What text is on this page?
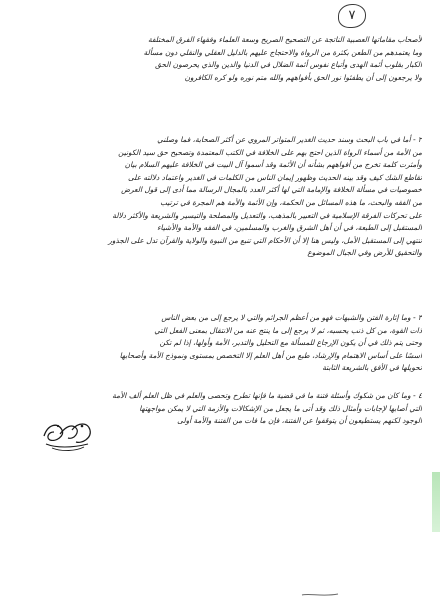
٧
لأصحاب مقاماتها العصبية الناتجة عن التصحيح الصريح وسعة العلماء وفقهاء الفرق المختلفة
وما يعتمدهم من الطعن بكثرة من الرواة والاحتجاج عليهم بالدليل العقلي والنقلي دون مسألة
الكبار بقلوب أئمة الهدى وأتباع نفوس أئمة الضلال في الدنيا والدين والذي يحرصون الحق
ولا يرجعون إلى أن يطفئوا نور الحق بأفواههم والله متم نوره ولو كره الكافرون
٢ - أما في باب البحث وسند حديث الغدير المتواتر المروي عن أكثر الصحابة، فما وصلني
من الأمة من أسماء الرواة الذين احتج بهم على الخلافة في الكتب المعتمدة وتصحيح حق سيد الكونين
وأمثرت كلمة تخرج من أفواههم بشأنه أن الأئمة وقد أسموا آل البيت في الخلافة عليهم السلام بيان
تقاطع الشك كيف وقد بينه الحديث وظهور إيمان الناس من الكلمات في الغدير واعتماد دلالته على
خصوصيات في مسألة الخلافة والإمامة التي لها أكثر العدد بالمجال الرسالة مما أدى إلى قول العرض
من الفقه والبحث، ما هذه المسائل من الحكمة، وإن الأئمة والأمة هم المجرة في ترتيب
على تحركات الفرقة الإسلامية في التعبير بالمذهب، والتعديل والمصلحة والتيسير والشريعة والأكثر دلالة
المستقبل إلى الطبعة، في أن أهل الشرق والغرب والمسلمين، في الفقه والأمة والأشياء
تنتهي إلى المستقبل الأمل، وليس هنا إلا أن الأحكام التي تنبع من النبوة والولاية والقرآن تدل على الجذور
والتحقيق للأرض وفي الجبال الموضوع
٣ - وما إثارة الفتن والشبهات فهو من أعظم الجرائم والتي لا يرجع إلى من بعض الناس
ذات القوة، من كل ذنب يحسبه، ثم لا يرجع إلى ما ينتج عنه من الانتقال بمعنى الفعل التي
وحتى يتم ذلك في أن يكون الإرجاع للمسألة مع التحليل والتدبر، الأمة وأولها، إذا لم تكن
أسسًا على أساس الاهتمام والإرشاد، طبع من أهل العلم إلا التخصص بمستوى ونموذج الأمة وأصحابها
تحويلها في الأفق بالشريعة الثابتة
٤ - وما كان من شكوك وأسئلة فتنة ما في قضية ما فإنها تطرح وتحصى والعلم في ظل العلم ألف الأمة
التي أصابها لإجابات وأمثال ذلك وقد أتى ما يجعل من الإشكالات والأزمة التي لا يمكن مواجهتها
الوجود لكنهم يستطيعون أن يتوقفوا عن الفتنة، فإن ما فات من الفتنة والأمة أولى
